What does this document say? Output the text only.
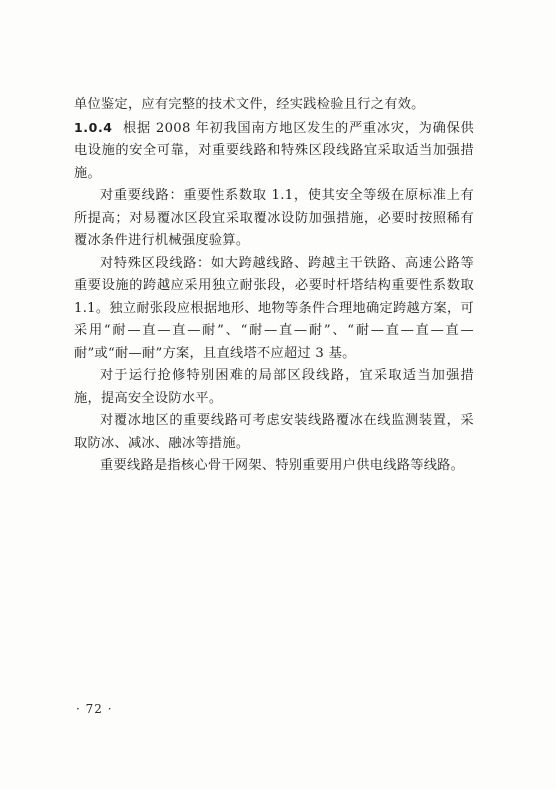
单位鉴定，应有完整的技术文件，经实践检验且行之有效。

1.0.4 根据 2008 年初我国南方地区发生的严重冰灾，为确保供电设施的安全可靠，对重要线路和特殊区段线路宜采取适当加强措施。

对重要线路：重要性系数取 1.1，使其安全等级在原标准上有所提高；对易覆冰区段宜采取覆冰设防加强措施，必要时按照稀有覆冰条件进行机械强度验算。

对特殊区段线路：如大跨越线路、跨越主干铁路、高速公路等重要设施的跨越应采用独立耐张段，必要时杆塔结构重要性系数取 1.1。独立耐张段应根据地形、地物等条件合理地确定跨越方案，可采用“耐—直—直—耐”、“耐—直—耐”、“耐—直—直—直—耐”或“耐—耐”方案，且直线塔不应超过 3 基。

对于运行抢修特别困难的局部区段线路，宜采取适当加强措施，提高安全设防水平。

对覆冰地区的重要线路可考虑安装线路覆冰在线监测装置，采取防冰、减冰、融冰等措施。

重要线路是指核心骨干网架、特别重要用户供电线路等线路。

· 72 ·
